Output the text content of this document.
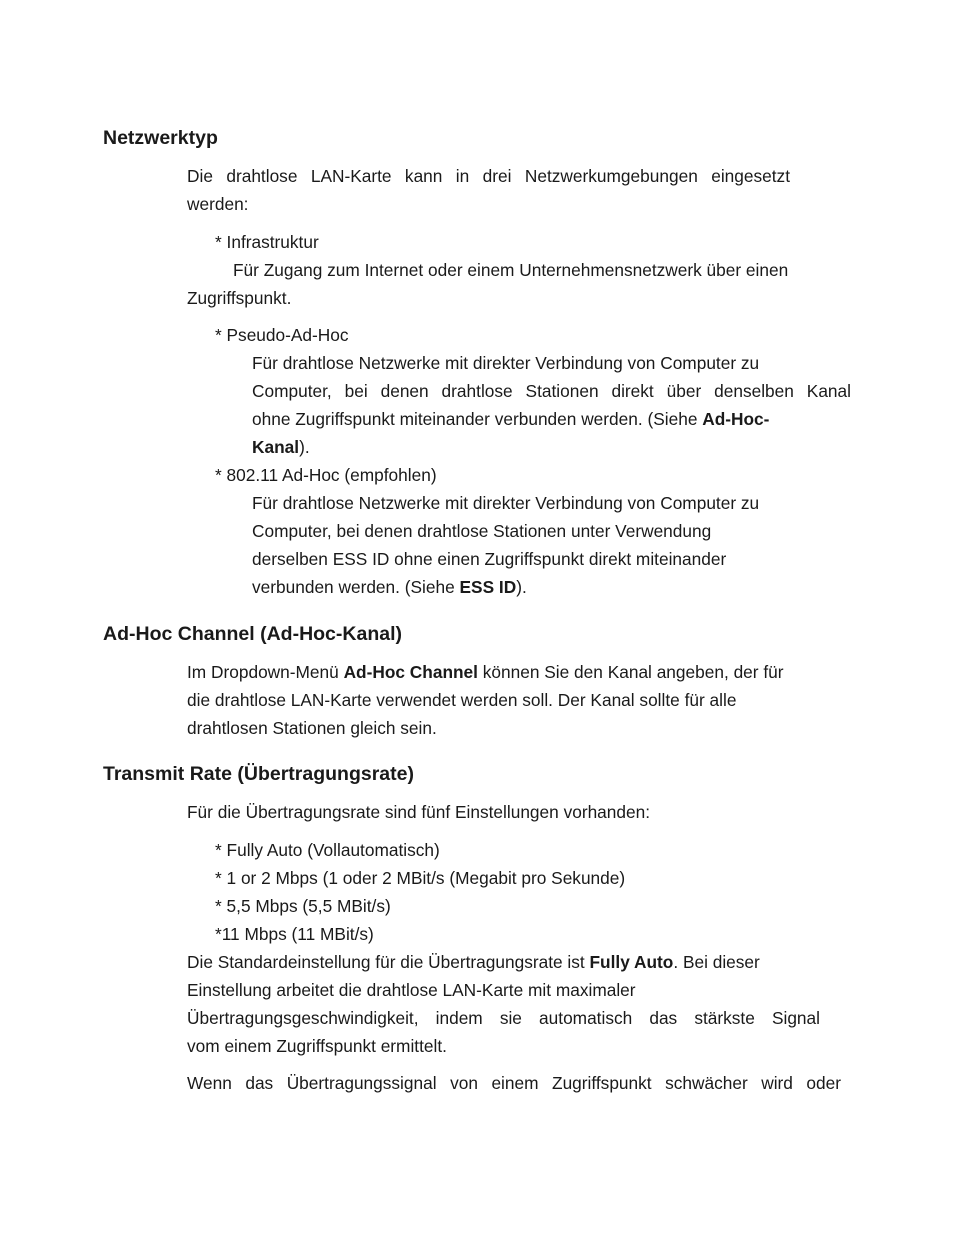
Netzwerktyp
Die drahtlose LAN-Karte kann in drei Netzwerkumgebungen eingesetzt
werden:
* Infrastruktur
Für Zugang zum Internet oder einem Unternehmensnetzwerk über einen
Zugriffspunkt.
* Pseudo-Ad-Hoc
Für drahtlose Netzwerke mit direkter Verbindung von Computer zu
Computer, bei denen drahtlose Stationen direkt über denselben Kanal
ohne Zugriffspunkt miteinander verbunden werden. (Siehe Ad-Hoc-
Kanal).
* 802.11 Ad-Hoc (empfohlen)
Für drahtlose Netzwerke mit direkter Verbindung von Computer zu
Computer, bei denen drahtlose Stationen unter Verwendung
derselben ESS ID ohne einen Zugriffspunkt direkt miteinander
verbunden werden. (Siehe ESS ID).
Ad-Hoc Channel (Ad-Hoc-Kanal)
Im Dropdown-Menü Ad-Hoc Channel können Sie den Kanal angeben, der für
die drahtlose LAN-Karte verwendet werden soll. Der Kanal sollte für alle
drahtlosen Stationen gleich sein.
Transmit Rate (Übertragungsrate)
Für die Übertragungsrate sind fünf Einstellungen vorhanden:
* Fully Auto (Vollautomatisch)
* 1 or 2 Mbps (1 oder 2 MBit/s (Megabit pro Sekunde)
* 5,5 Mbps (5,5 MBit/s)
*11 Mbps (11 MBit/s)
Die Standardeinstellung für die Übertragungsrate ist Fully Auto. Bei dieser
Einstellung arbeitet die drahtlose LAN-Karte mit maximaler
Übertragungsgeschwindigkeit, indem sie automatisch das stärkste Signal
vom einem Zugriffspunkt ermittelt.
Wenn das Übertragungssignal von einem Zugriffspunkt schwächer wird oder
